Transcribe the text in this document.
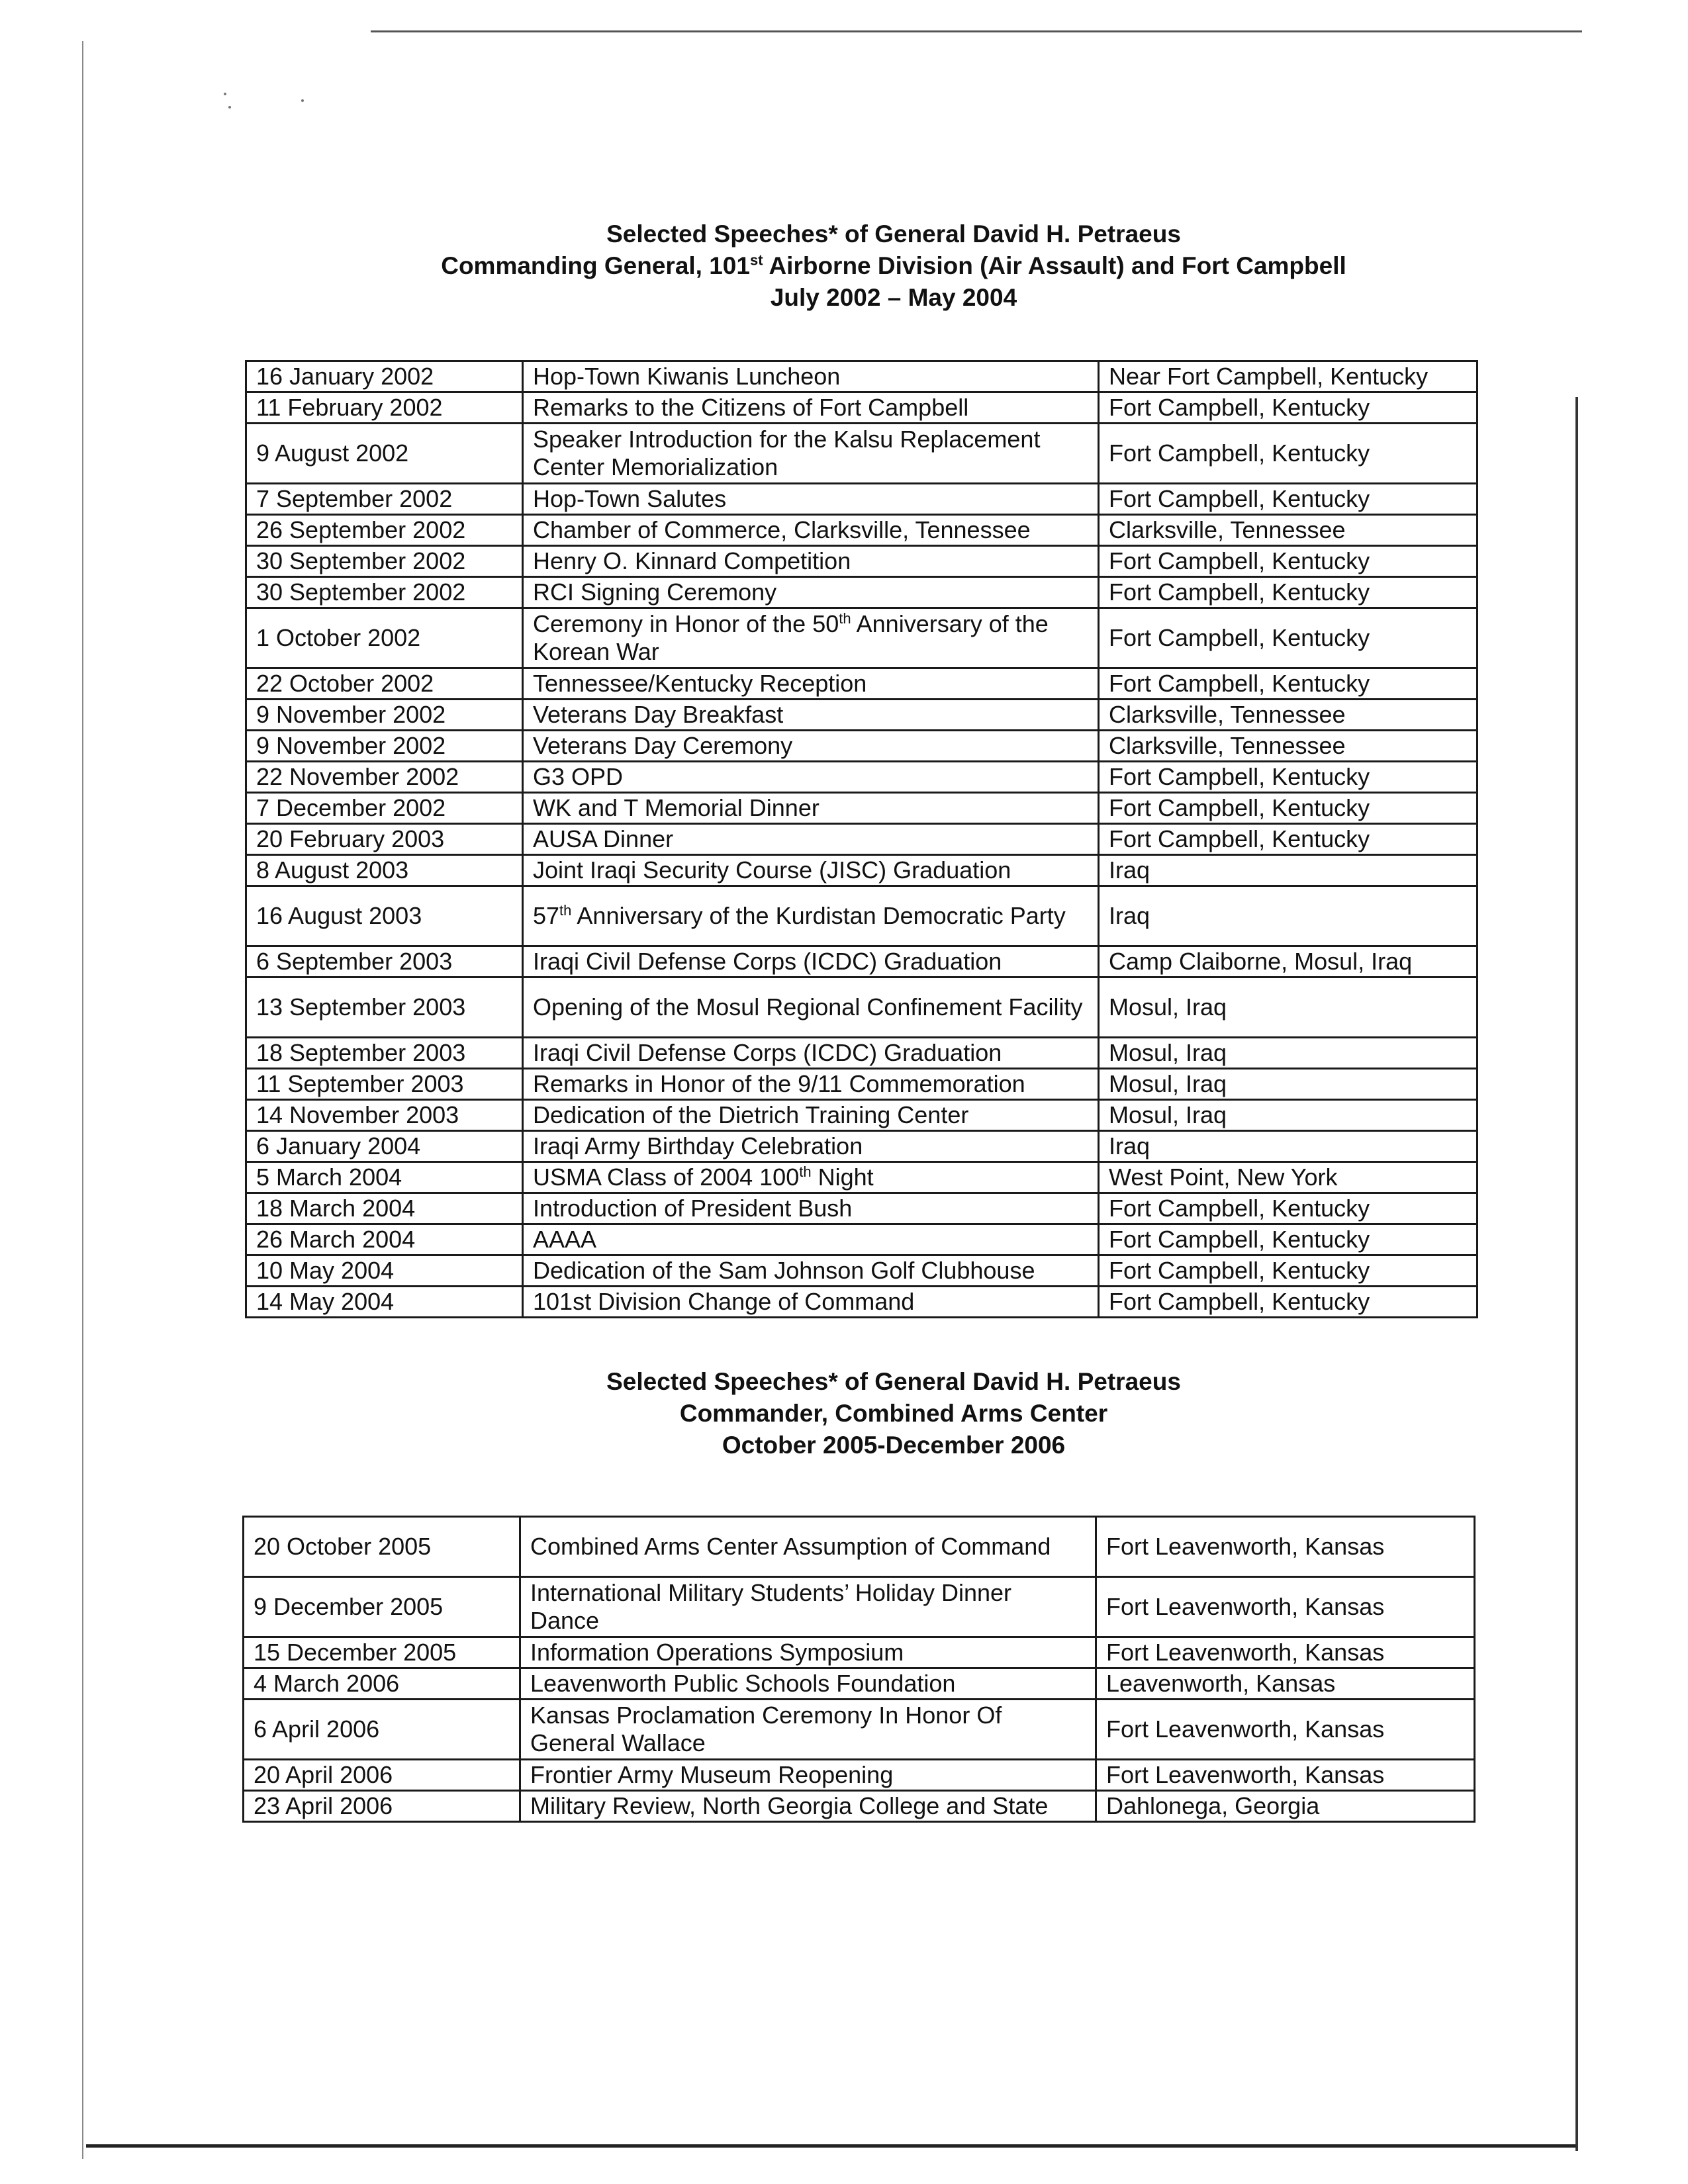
Selected Speeches* of General David H. Petraeus
Commanding General, 101st Airborne Division (Air Assault) and Fort Campbell
July 2002 – May 2004
16 January 2002	Hop-Town Kiwanis Luncheon	Near Fort Campbell, Kentucky
11 February 2002	Remarks to the Citizens of Fort Campbell	Fort Campbell, Kentucky
9 August 2002	Speaker Introduction for the Kalsu Replacement Center Memorialization	Fort Campbell, Kentucky
7 September 2002	Hop-Town Salutes	Fort Campbell, Kentucky
26 September 2002	Chamber of Commerce, Clarksville, Tennessee	Clarksville, Tennessee
30 September 2002	Henry O. Kinnard Competition	Fort Campbell, Kentucky
30 September 2002	RCI Signing Ceremony	Fort Campbell, Kentucky
1 October 2002	Ceremony in Honor of the 50th Anniversary of the Korean War	Fort Campbell, Kentucky
22 October 2002	Tennessee/Kentucky Reception	Fort Campbell, Kentucky
9 November 2002	Veterans Day Breakfast	Clarksville, Tennessee
9 November 2002	Veterans Day Ceremony	Clarksville, Tennessee
22 November 2002	G3 OPD	Fort Campbell, Kentucky
7 December 2002	WK and T Memorial Dinner	Fort Campbell, Kentucky
20 February 2003	AUSA Dinner	Fort Campbell, Kentucky
8 August 2003	Joint Iraqi Security Course (JISC) Graduation	Iraq
16 August 2003	57th Anniversary of the Kurdistan Democratic Party	Iraq
6 September 2003	Iraqi Civil Defense Corps (ICDC) Graduation	Camp Claiborne, Mosul, Iraq
13 September 2003	Opening of the Mosul Regional Confinement Facility	Mosul, Iraq
18 September 2003	Iraqi Civil Defense Corps (ICDC) Graduation	Mosul, Iraq
11 September 2003	Remarks in Honor of the 9/11 Commemoration	Mosul, Iraq
14 November 2003	Dedication of the Dietrich Training Center	Mosul, Iraq
6 January 2004	Iraqi Army Birthday Celebration	Iraq
5 March 2004	USMA Class of 2004 100th Night	West Point, New York
18 March 2004	Introduction of President Bush	Fort Campbell, Kentucky
26 March 2004	AAAA	Fort Campbell, Kentucky
10 May 2004	Dedication of the Sam Johnson Golf Clubhouse	Fort Campbell, Kentucky
14 May 2004	101st Division Change of Command	Fort Campbell, Kentucky
Selected Speeches* of General David H. Petraeus
Commander, Combined Arms Center
October 2005-December 2006
20 October 2005	Combined Arms Center Assumption of Command	Fort Leavenworth, Kansas
9 December 2005	International Military Students’ Holiday Dinner Dance	Fort Leavenworth, Kansas
15 December 2005	Information Operations Symposium	Fort Leavenworth, Kansas
4 March 2006	Leavenworth Public Schools Foundation	Leavenworth, Kansas
6 April 2006	Kansas Proclamation Ceremony In Honor Of General Wallace	Fort Leavenworth, Kansas
20 April 2006	Frontier Army Museum Reopening	Fort Leavenworth, Kansas
23 April 2006	Military Review, North Georgia College and State	Dahlonega, Georgia
